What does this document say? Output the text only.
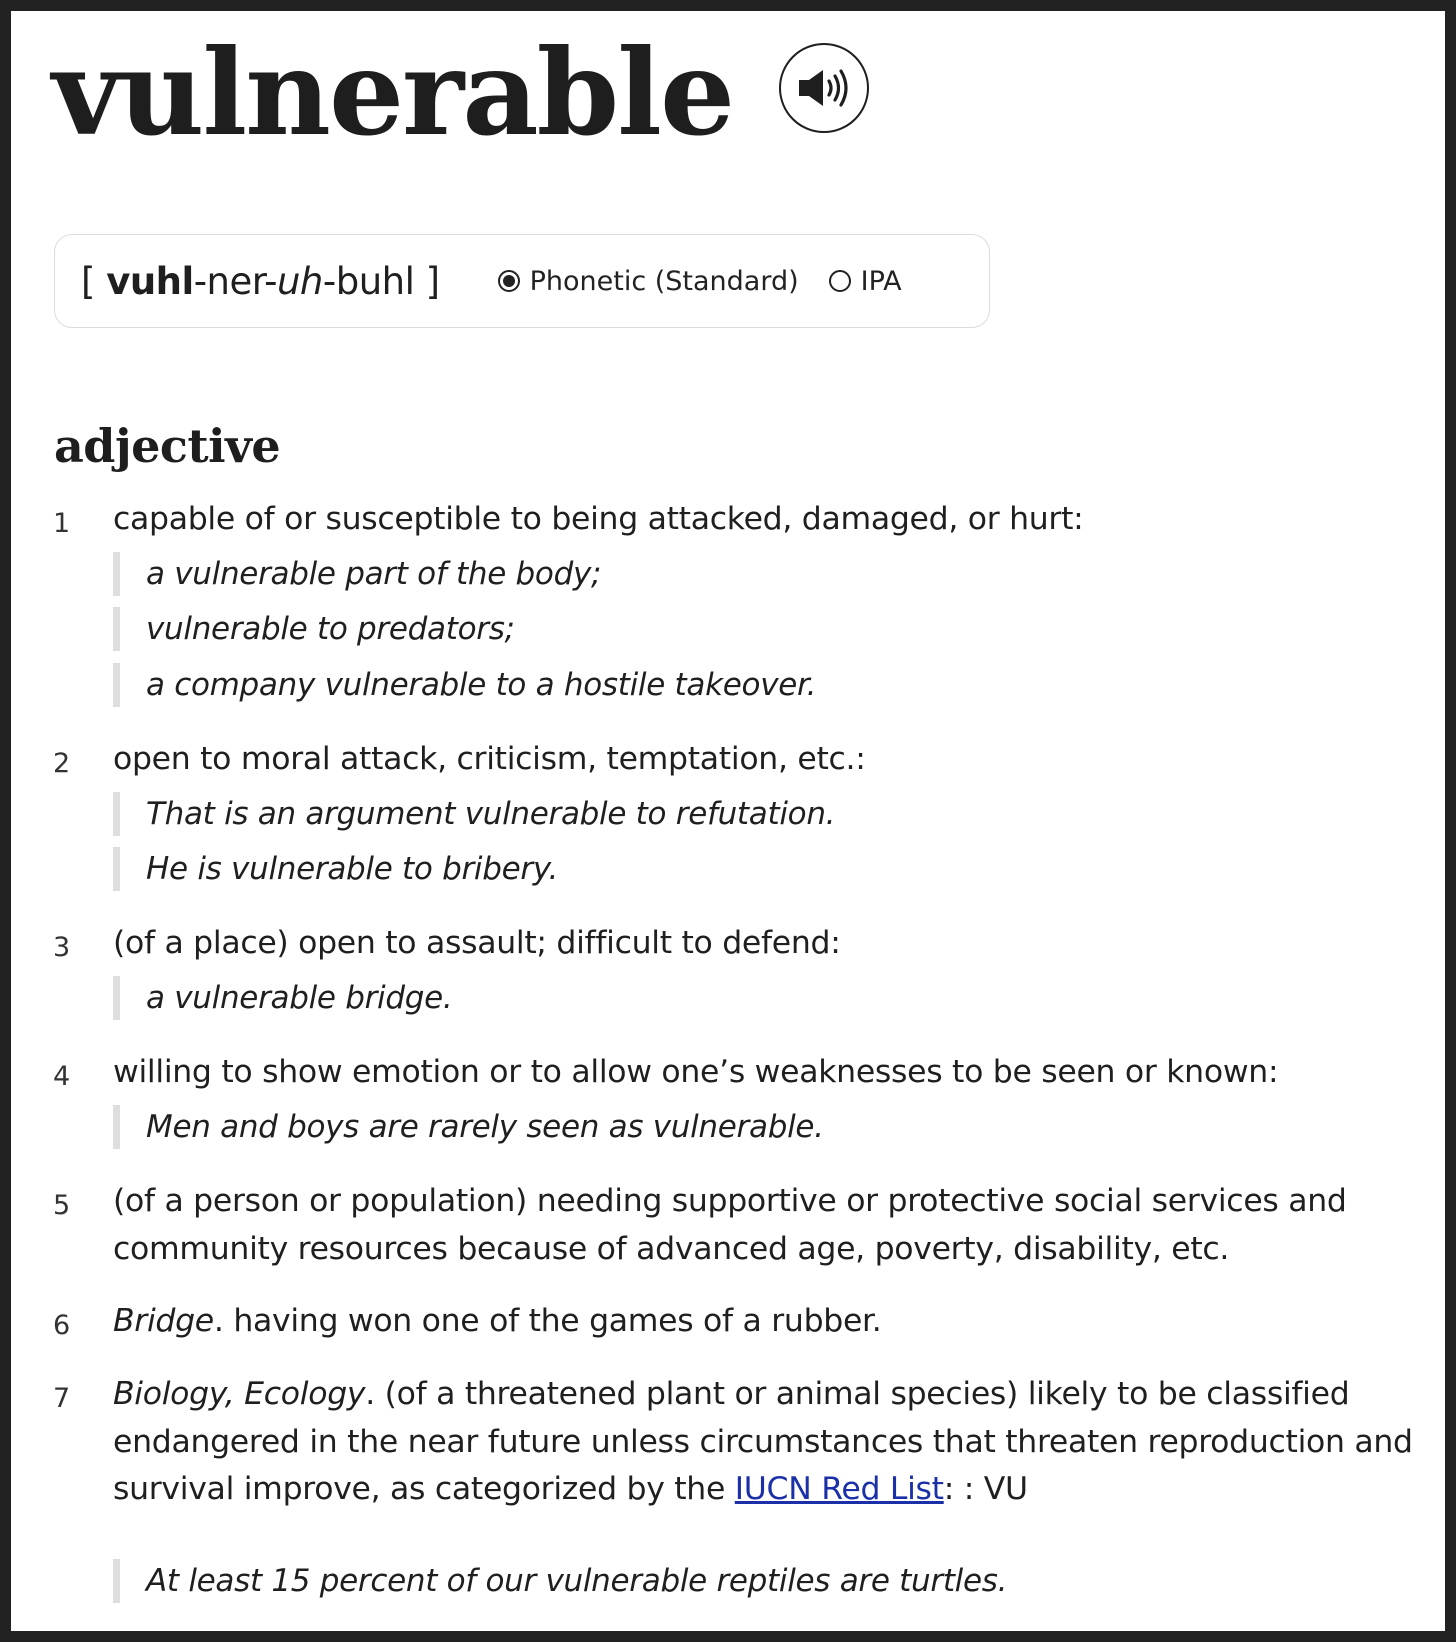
vulnerable
[ vuhl-ner-uh-buhl ]	Phonetic (Standard) IPA
adjective
1 capable of or susceptible to being attacked, damaged, or hurt:
a vulnerable part of the body;
vulnerable to predators;
a company vulnerable to a hostile takeover.
2 open to moral attack, criticism, temptation, etc.:
That is an argument vulnerable to refutation.
He is vulnerable to bribery.
3 (of a place) open to assault; difficult to defend:
a vulnerable bridge.
4 willing to show emotion or to allow one’s weaknesses to be seen or known:
Men and boys are rarely seen as vulnerable.
5 (of a person or population) needing supportive or protective social services and
community resources because of advanced age, poverty, disability, etc.
6 Bridge. having won one of the games of a rubber.
7 Biology, Ecology. (of a threatened plant or animal species) likely to be classified
endangered in the near future unless circumstances that threaten reproduction and
survival improve, as categorized by the IUCN Red List: : VU
At least 15 percent of our vulnerable reptiles are turtles.
